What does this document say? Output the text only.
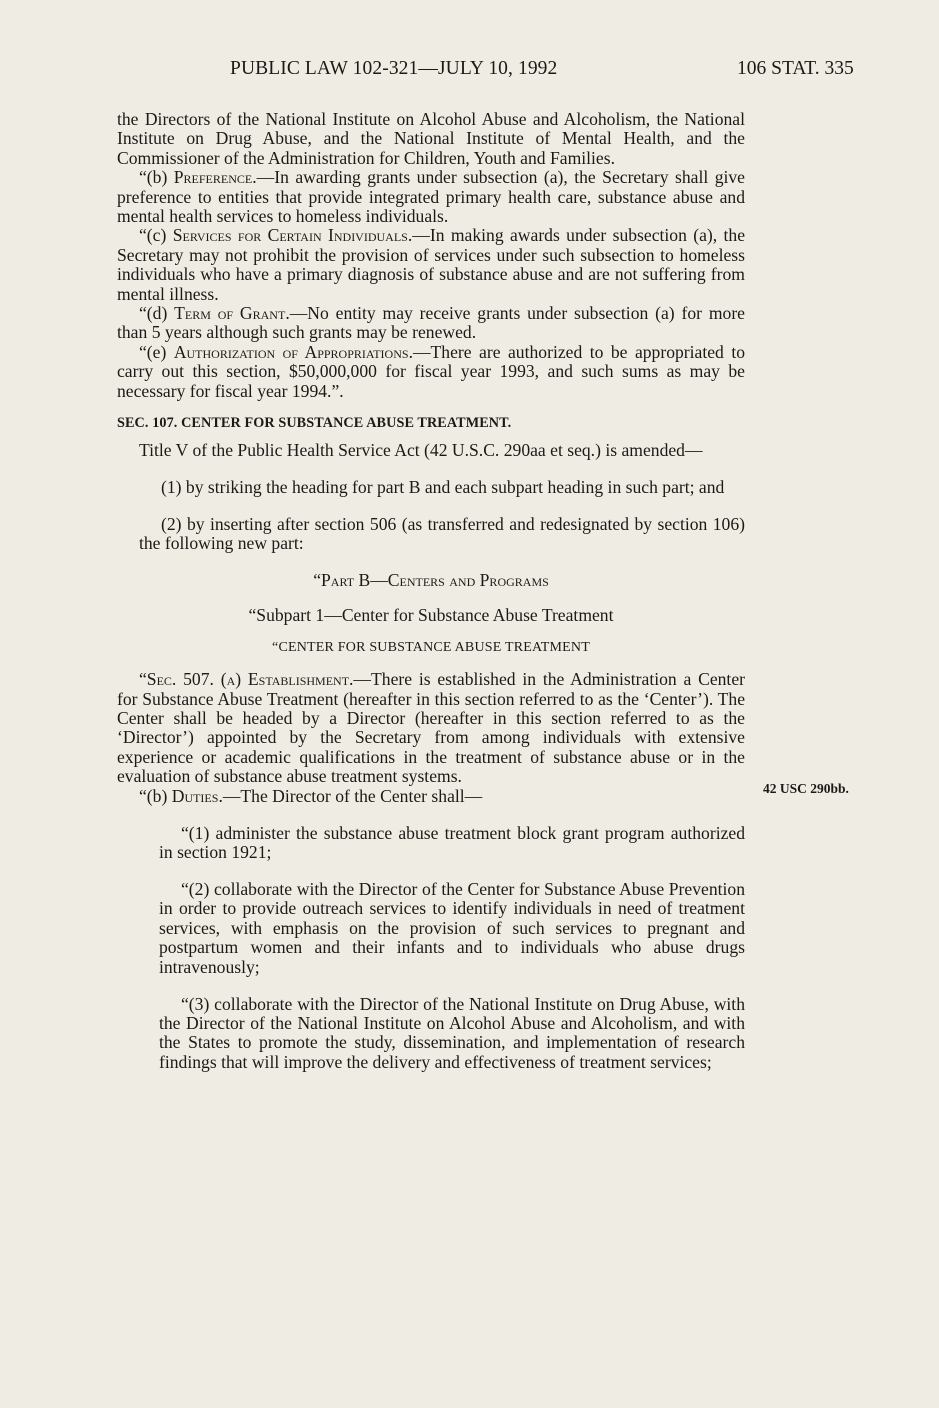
PUBLIC LAW 102-321—JULY 10, 1992	106 STAT. 335
42 USC 290bb.

the Directors of the National Institute on Alcohol Abuse and Alcoholism, the National Institute on Drug Abuse, and the National Institute of Mental Health, and the Commissioner of the Administration for Children, Youth and Families.

“(b) Preference.—In awarding grants under subsection (a), the Secretary shall give preference to entities that provide integrated primary health care, substance abuse and mental health services to homeless individuals.

“(c) Services for Certain Individuals.—In making awards under subsection (a), the Secretary may not prohibit the provision of services under such subsection to homeless individuals who have a primary diagnosis of substance abuse and are not suffering from mental illness.

“(d) Term of Grant.—No entity may receive grants under subsection (a) for more than 5 years although such grants may be renewed.

“(e) Authorization of Appropriations.—There are authorized to be appropriated to carry out this section, $50,000,000 for fiscal year 1993, and such sums as may be necessary for fiscal year 1994.”.

SEC. 107. CENTER FOR SUBSTANCE ABUSE TREATMENT.

Title V of the Public Health Service Act (42 U.S.C. 290aa et seq.) is amended—

(1) by striking the heading for part B and each subpart heading in such part; and

(2) by inserting after section 506 (as transferred and redesignated by section 106) the following new part:

“Part B—Centers and Programs
“Subpart 1—Center for Substance Abuse Treatment
“CENTER FOR SUBSTANCE ABUSE TREATMENT

“Sec. 507. (a) Establishment.—There is established in the Administration a Center for Substance Abuse Treatment (hereafter in this section referred to as the ‘Center’). The Center shall be headed by a Director (hereafter in this section referred to as the ‘Director’) appointed by the Secretary from among individuals with extensive experience or academic qualifications in the treatment of substance abuse or in the evaluation of substance abuse treatment systems.

“(b) Duties.—The Director of the Center shall—

“(1) administer the substance abuse treatment block grant program authorized in section 1921;

“(2) collaborate with the Director of the Center for Substance Abuse Prevention in order to provide outreach services to identify individuals in need of treatment services, with emphasis on the provision of such services to pregnant and postpartum women and their infants and to individuals who abuse drugs intravenously;

“(3) collaborate with the Director of the National Institute on Drug Abuse, with the Director of the National Institute on Alcohol Abuse and Alcoholism, and with the States to promote the study, dissemination, and implementation of research findings that will improve the delivery and effectiveness of treatment services;
